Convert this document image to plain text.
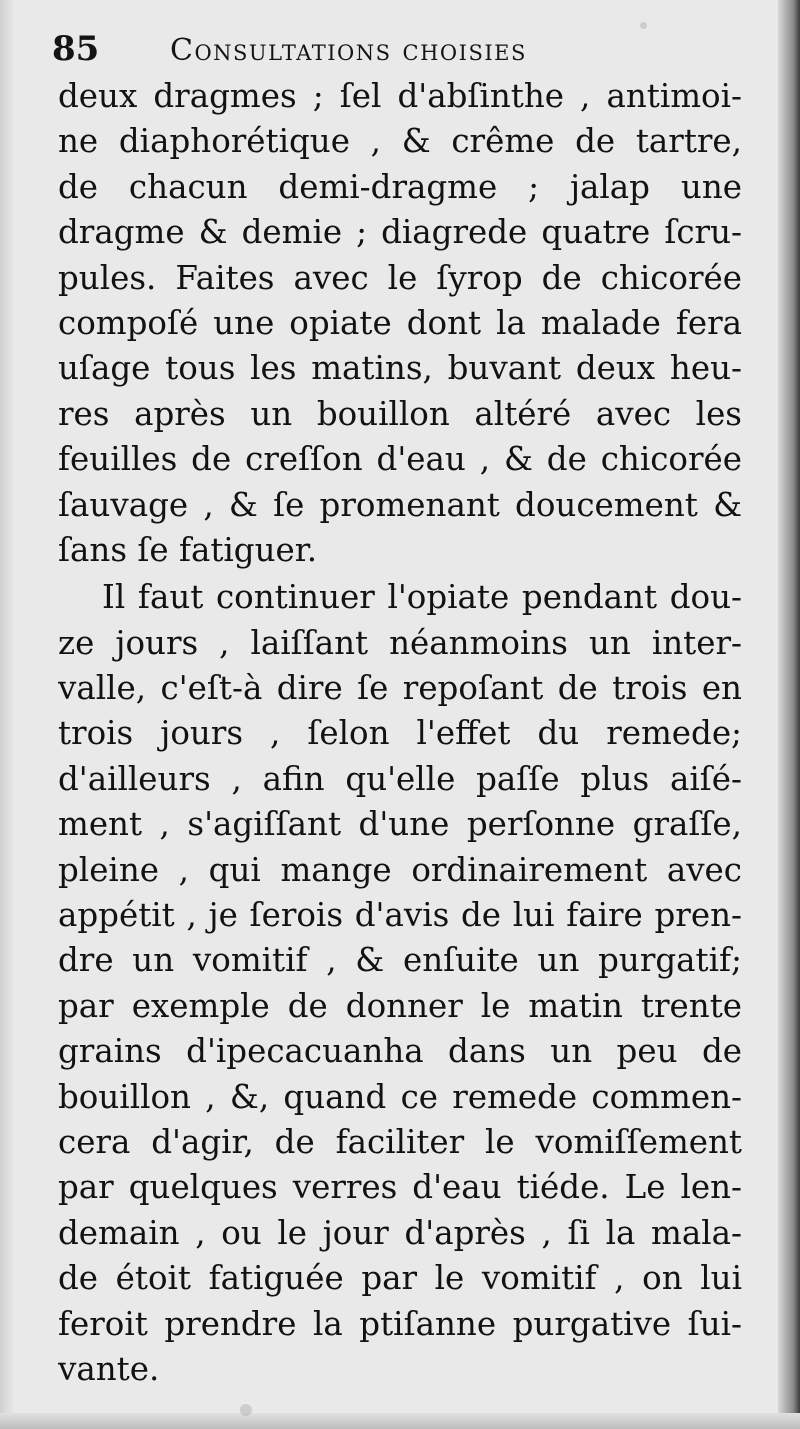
85 Consultations choisies
deux dragmes ; ſel d'abſinthe , antimoi-
ne diaphorétique , & crême de tartre,
de chacun demi-dragme ; jalap une
dragme & demie ; diagrede quatre ſcru-
pules. Faites avec le ſyrop de chicorée
compoſé une opiate dont la malade fera
uſage tous les matins, buvant deux heu-
res après un bouillon altéré avec les
feuilles de creſſon d'eau , & de chicorée
ſauvage , & ſe promenant doucement &
ſans ſe fatiguer.
Il faut continuer l'opiate pendant dou-
ze jours , laiſſant néanmoins un inter-
valle, c'eſt-à dire ſe repoſant de trois en
trois jours , ſelon l'effet du remede;
d'ailleurs , afin qu'elle paſſe plus aiſé-
ment , s'agiſſant d'une perſonne graſſe,
pleine , qui mange ordinairement avec
appétit , je ſerois d'avis de lui faire pren-
dre un vomitif , & enſuite un purgatif;
par exemple de donner le matin trente
grains d'ipecacuanha dans un peu de
bouillon , &, quand ce remede commen-
cera d'agir, de faciliter le vomiſſement
par quelques verres d'eau tiéde. Le len-
demain , ou le jour d'après , ſi la mala-
de étoit fatiguée par le vomitif , on lui
feroit prendre la ptiſanne purgative ſui-
vante.
